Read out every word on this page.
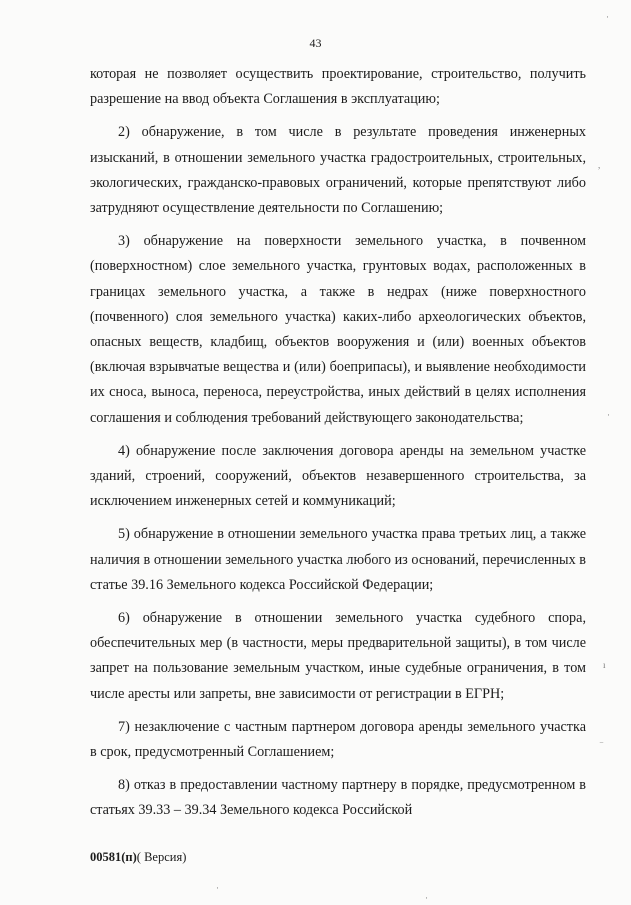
43

которая не позволяет осуществить проектирование, строительство, получить разрешение на ввод объекта Соглашения в эксплуатацию;

2) обнаружение, в том числе в результате проведения инженерных изысканий, в отношении земельного участка градостроительных, строительных, экологических, гражданско-правовых ограничений, которые препятствуют либо затрудняют осуществление деятельности по Соглашению;

3) обнаружение на поверхности земельного участка, в почвенном (поверхностном) слое земельного участка, грунтовых водах, расположенных в границах земельного участка, а также в недрах (ниже поверхностного (почвенного) слоя земельного участка) каких-либо археологических объектов, опасных веществ, кладбищ, объектов вооружения и (или) военных объектов (включая взрывчатые вещества и (или) боеприпасы), и выявление необходимости их сноса, выноса, переноса, переустройства, иных действий в целях исполнения соглашения и соблюдения требований действующего законодательства;

4) обнаружение после заключения договора аренды на земельном участке зданий, строений, сооружений, объектов незавершенного строительства, за исключением инженерных сетей и коммуникаций;

5) обнаружение в отношении земельного участка права третьих лиц, а также наличия в отношении земельного участка любого из оснований, перечисленных в статье 39.16 Земельного кодекса Российской Федерации;

6) обнаружение в отношении земельного участка судебного спора, обеспечительных мер (в частности, меры предварительной защиты), в том числе запрет на пользование земельным участком, иные судебные ограничения, в том числе аресты или запреты, вне зависимости от регистрации в ЕГРН;

7) незаключение с частным партнером договора аренды земельного участка в срок, предусмотренный Соглашением;

8) отказ в предоставлении частному партнеру в порядке, предусмотренном в статьях 39.33 – 39.34 Земельного кодекса Российской

00581(п)( Версия)
·
,
·
ı
‾
·
·
